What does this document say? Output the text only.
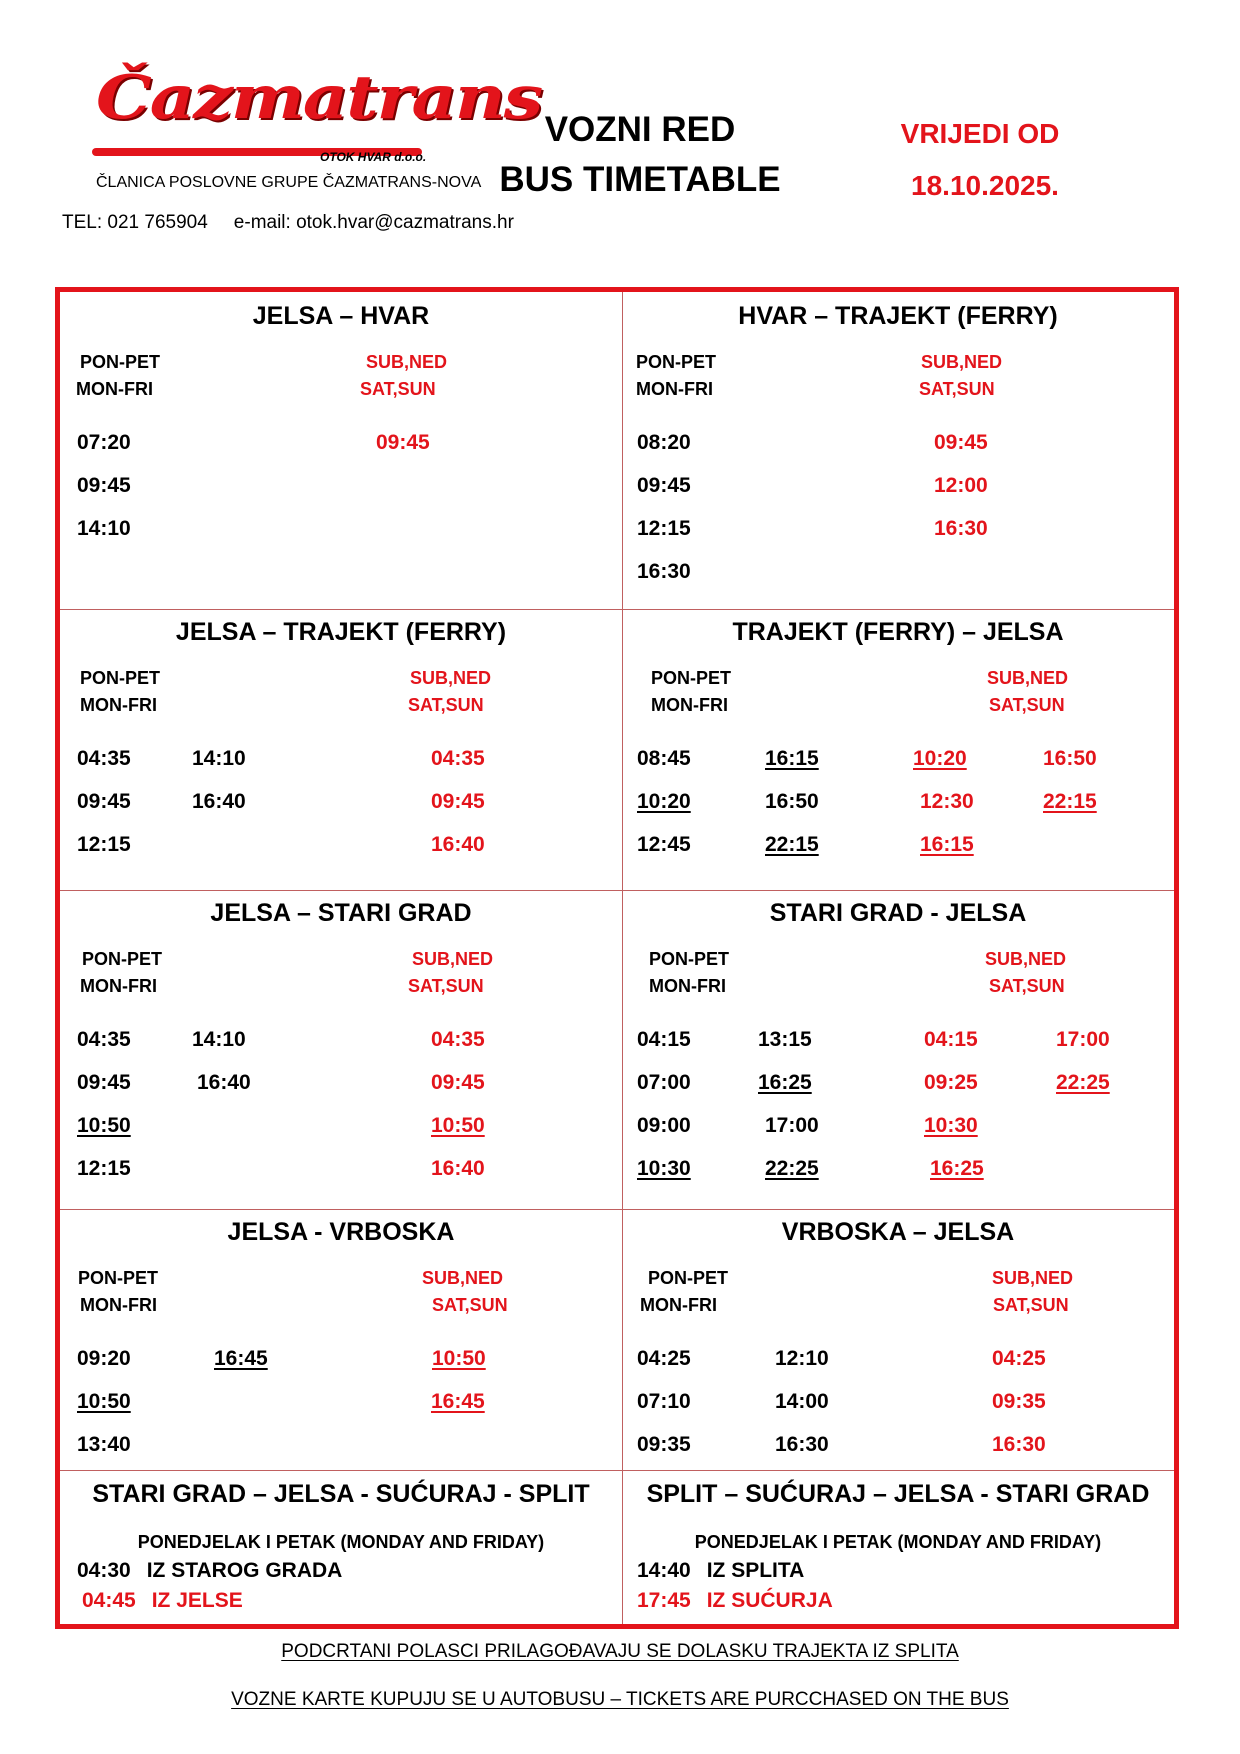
Čazmatrans
OTOK HVAR d.o.o.
ČLANICA POSLOVNE GRUPE ČAZMATRANS-NOVA
TEL: 021 765904 e-mail: otok.hvar@cazmatrans.hr
VOZNI RED
BUS TIMETABLE
VRIJEDI OD
18.10.2025.
JELSA – HVAR
PON-PET
MON-FRI
SUB,NED
SAT,SUN
07:20
09:45
14:10
09:45
HVAR – TRAJEKT (FERRY)
PON-PET
MON-FRI
SUB,NED
SAT,SUN
08:20
09:45
12:15
16:30
09:45
12:00
16:30
JELSA – TRAJEKT (FERRY)
PON-PET
MON-FRI
SUB,NED
SAT,SUN
04:35
09:45
12:15
14:10
16:40
04:35
09:45
16:40
TRAJEKT (FERRY) – JELSA
PON-PET
MON-FRI
SUB,NED
SAT,SUN
08:45
10:20
12:45
16:15
16:50
22:15
10:20
12:30
16:15
16:50
22:15
JELSA – STARI GRAD
PON-PET
MON-FRI
SUB,NED
SAT,SUN
04:35
09:45
10:50
12:15
14:10
16:40
04:35
09:45
10:50
16:40
STARI GRAD - JELSA
PON-PET
MON-FRI
SUB,NED
SAT,SUN
04:15
07:00
09:00
10:30
13:15
16:25
17:00
22:25
04:15
09:25
10:30
16:25
17:00
22:25
JELSA - VRBOSKA
PON-PET
MON-FRI
SUB,NED
SAT,SUN
09:20
10:50
13:40
16:45	10:50
16:45
VRBOSKA – JELSA
PON-PET
MON-FRI
SUB,NED
SAT,SUN
04:25
07:10
09:35
12:10
14:00
16:30
04:25
09:35
16:30
STARI GRAD – JELSA - SUĆURAJ - SPLIT
PONEDJELAK I PETAK (MONDAY AND FRIDAY)
04:30 IZ STAROG GRADA
04:45 IZ JELSE
SPLIT – SUĆURAJ – JELSA - STARI GRAD
PONEDJELAK I PETAK (MONDAY AND FRIDAY)
14:40 IZ SPLITA
17:45 IZ SUĆURJA
PODCRTANI POLASCI PRILAGOĐAVAJU SE DOLASKU TRAJEKTA IZ SPLITA
VOZNE KARTE KUPUJU SE U AUTOBUSU – TICKETS ARE PURCCHASED ON THE BUS
